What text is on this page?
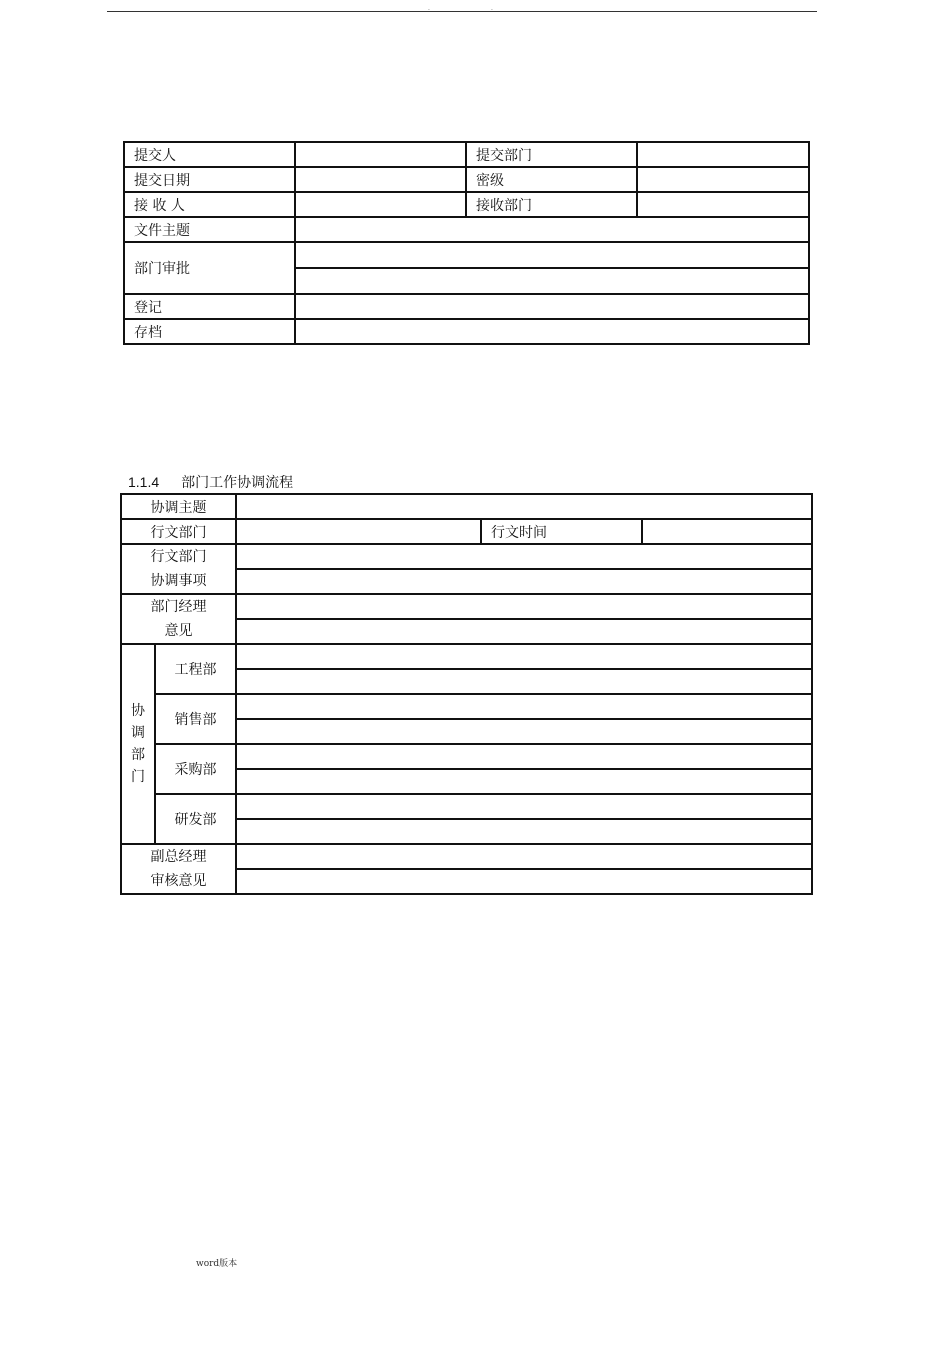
.	.
提交人		提交部门	
提交日期		密级	
接 收 人		接收部门	
文件主题			
部门审批			

登记			
存档			
1.1.4 部门工作协调流程
协调主题				
行文部门			行文时间	

行文部门
协调事项				

部门经理
意见				

协 调 部 门	工程部			

	销售部			

	采购部			

	研发部			

副总经理
审核意见				

word版本
